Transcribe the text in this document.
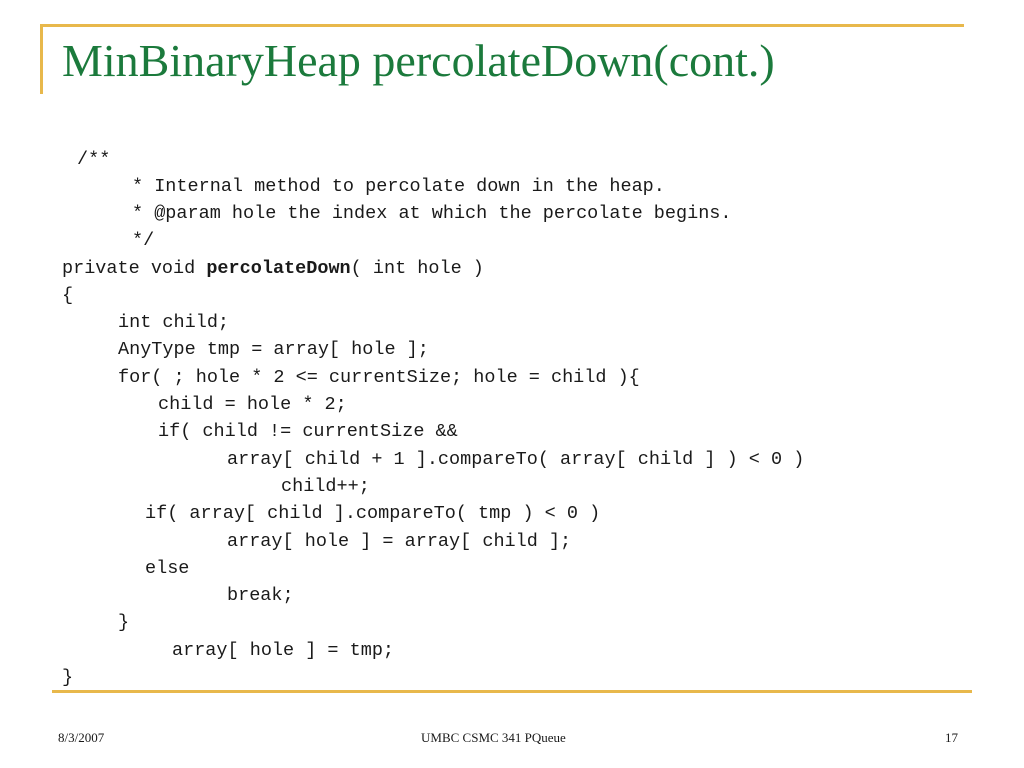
MinBinaryHeap percolateDown(cont.)
/**
* Internal method to percolate down in the heap.
* @param hole the index at which the percolate begins.
*/
private void percolateDown( int hole )
{
int child;
AnyType tmp = array[ hole ];
for( ; hole * 2 <= currentSize; hole = child ){
child = hole * 2;
if( child != currentSize &&
array[ child + 1 ].compareTo( array[ child ] ) < 0 )
child++;
if( array[ child ].compareTo( tmp ) < 0 )
array[ hole ] = array[ child ];
else
break;
}
array[ hole ] = tmp;
}
8/3/2007	UMBC CSMC 341 PQueue	17
